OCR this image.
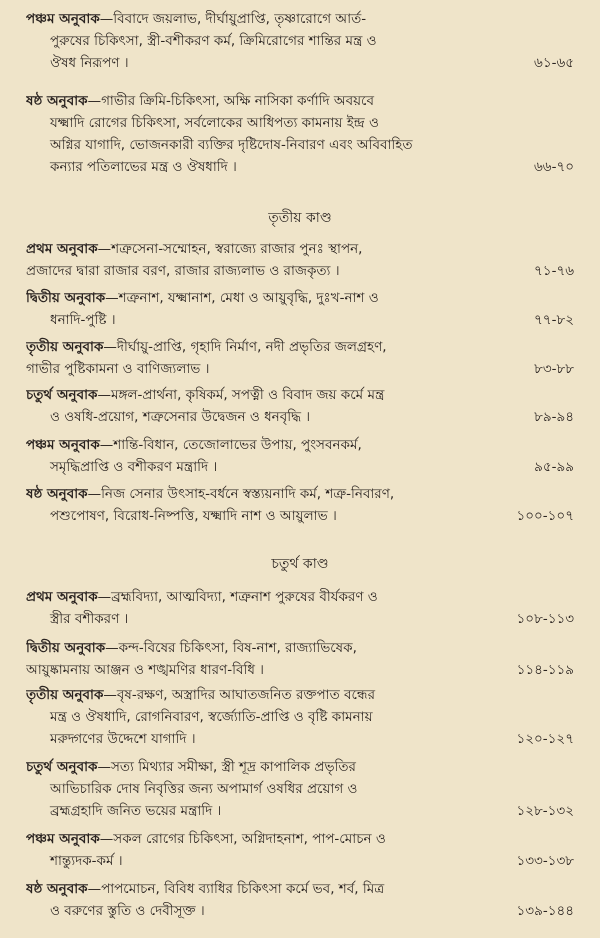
পঞ্চম অনুবাক—বিবাদে জয়লাভ, দীর্ঘায়ুপ্রাপ্তি, তৃষ্ণারোগে আর্ত-
পুরুষের চিকিৎসা, স্ত্রী-বশীকরণ কর্ম, ক্রিমিরোগের শান্তির মন্ত্র ও
ঔষধ নিরূপণ ।	৬১-৬৫
ষষ্ঠ অনুবাক—গাভীর ক্রিমি-চিকিৎসা, অক্ষি নাসিকা কর্ণাদি অবয়বে
যক্ষ্মাদি রোগের চিকিৎসা, সর্বলোকের আধিপত্য কামনায় ইন্দ্র ও
অগ্নির যাগাদি, ভোজনকারী ব্যক্তির দৃষ্টিদোষ-নিবারণ এবং অবিবাহিত
কন্যার পতিলাভের মন্ত্র ও ঔষধাদি ।	৬৬-৭০
তৃতীয় কাণ্ড
প্রথম অনুবাক—শত্রুসেনা-সম্মোহন, স্বরাজ্যে রাজার পুনঃ স্থাপন,
প্রজাদের দ্বারা রাজার বরণ, রাজার রাজ্যলাভ ও রাজকৃত্য ।	৭১-৭৬
দ্বিতীয় অনুবাক—শত্রুনাশ, যক্ষ্মানাশ, মেধা ও আয়ুবৃদ্ধি, দুঃখ-নাশ ও
ধনাদি-পুষ্টি ।	৭৭-৮২
তৃতীয় অনুবাক—দীর্ঘায়ু-প্রাপ্তি, গৃহাদি নির্মাণ, নদী প্রভৃতির জলগ্রহণ,
গাভীর পুষ্টিকামনা ও বাণিজ্যলাভ ।	৮৩-৮৮
চতুর্থ অনুবাক—মঙ্গল-প্রার্থনা, কৃষিকর্ম, সপত্নী ও বিবাদ জয় কর্মে মন্ত্র
ও ওষধি-প্রয়োগ, শত্রুসেনার উদ্বেজন ও ধনবৃদ্ধি ।	৮৯-৯৪
পঞ্চম অনুবাক—শান্তি-বিধান, তেজোলাভের উপায়, পুংসবনকর্ম,
সমৃদ্ধিপ্রাপ্তি ও বশীকরণ মন্ত্রাদি ।	৯৫-৯৯
ষষ্ঠ অনুবাক—নিজ সেনার উৎসাহ-বর্ধনে স্বস্ত্যয়নাদি কর্ম, শত্রু-নিবারণ,
পশুপোষণ, বিরোধ-নিষ্পত্তি, যক্ষ্মাদি নাশ ও আয়ুলাভ ।	১০০-১০৭
চতুর্থ কাণ্ড
প্রথম অনুবাক—ব্রহ্মবিদ্যা, আত্মবিদ্যা, শত্রুনাশ পুরুষের বীর্যকরণ ও
স্ত্রীর বশীকরণ ।	১০৮-১১৩
দ্বিতীয় অনুবাক—কন্দ-বিষের চিকিৎসা, বিষ-নাশ, রাজ্যাভিষেক,
আয়ুষ্কামনায় আঞ্জন ও শঙ্খমণির ধারণ-বিধি ।	১১৪-১১৯
তৃতীয় অনুবাক—বৃষ-রক্ষণ, অস্ত্রাদির আঘাতজনিত রক্তপাত বন্ধের
মন্ত্র ও ঔষধাদি, রোগনিবারণ, স্বর্জ্যোতি-প্রাপ্তি ও বৃষ্টি কামনায়
মরুদ্গণের উদ্দেশে যাগাদি ।	১২০-১২৭
চতুর্থ অনুবাক—সত্য মিথ্যার সমীক্ষা, স্ত্রী শূদ্র কাপালিক প্রভৃতির
আভিচারিক দোষ নিবৃত্তির জন্য অপামার্গ ওষধির প্রয়োগ ও
ব্রহ্মগ্রহাদি জনিত ভয়ের মন্ত্রাদি ।	১২৮-১৩২
পঞ্চম অনুবাক—সকল রোগের চিকিৎসা, অগ্নিদাহনাশ, পাপ-মোচন ও
শান্ত্যুদক-কর্ম ।	১৩৩-১৩৮
ষষ্ঠ অনুবাক—পাপমোচন, বিবিধ ব্যাধির চিকিৎসা কর্মে ভব, শর্ব, মিত্র
ও বরুণের স্তুতি ও দেবীসূক্ত ।	১৩৯-১৪৪
